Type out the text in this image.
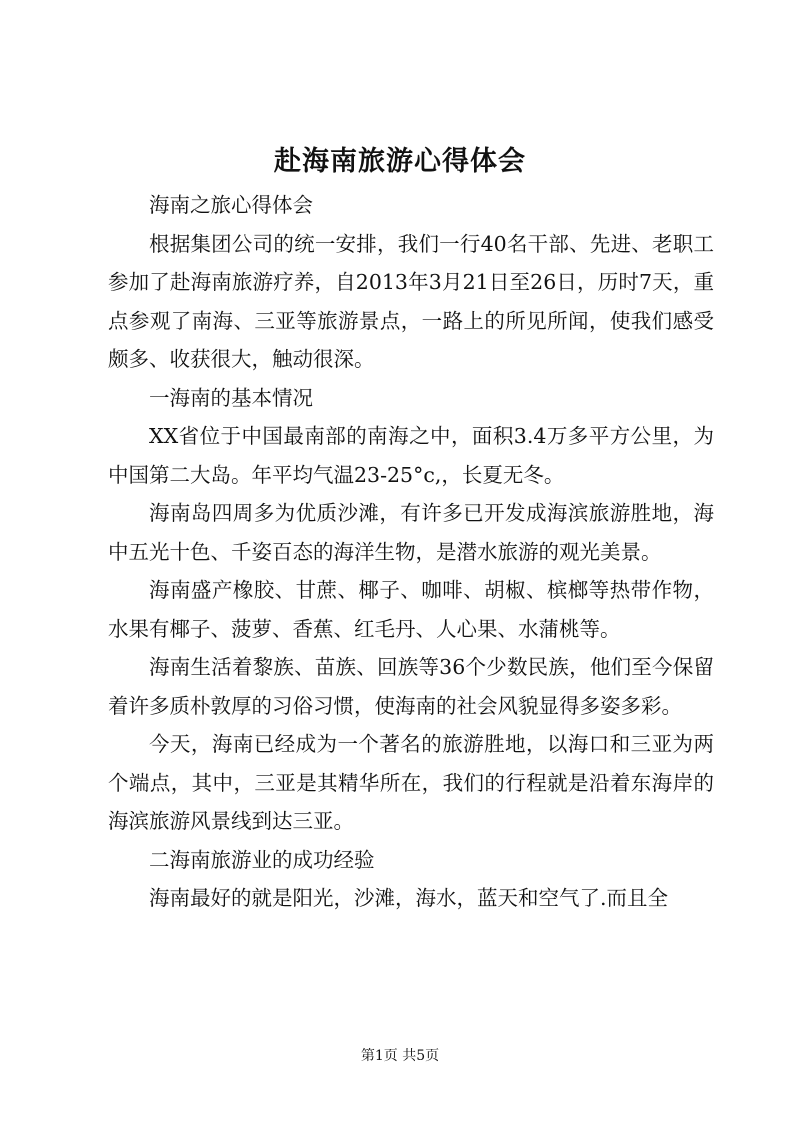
赴海南旅游心得体会

海南之旅心得体会

根据集团公司的统一安排，我们一行40名干部、先进、老职工参加了赴海南旅游疗养，自2013年3月21日至26日，历时7天，重点参观了南海、三亚等旅游景点，一路上的所见所闻，使我们感受颇多、收获很大，触动很深。

一海南的基本情况

XX省位于中国最南部的南海之中，面积3.4万多平方公里，为中国第二大岛。年平均气温23-25°c,，长夏无冬。

海南岛四周多为优质沙滩，有许多已开发成海滨旅游胜地，海中五光十色、千姿百态的海洋生物，是潜水旅游的观光美景。

海南盛产橡胶、甘蔗、椰子、咖啡、胡椒、槟榔等热带作物，水果有椰子、菠萝、香蕉、红毛丹、人心果、水蒲桃等。

海南生活着黎族、苗族、回族等36个少数民族，他们至今保留着许多质朴敦厚的习俗习惯，使海南的社会风貌显得多姿多彩。

今天，海南已经成为一个著名的旅游胜地，以海口和三亚为两个端点，其中，三亚是其精华所在，我们的行程就是沿着东海岸的海滨旅游风景线到达三亚。

二海南旅游业的成功经验

海南最好的就是阳光，沙滩，海水，蓝天和空气了.而且全

第1页 共5页
